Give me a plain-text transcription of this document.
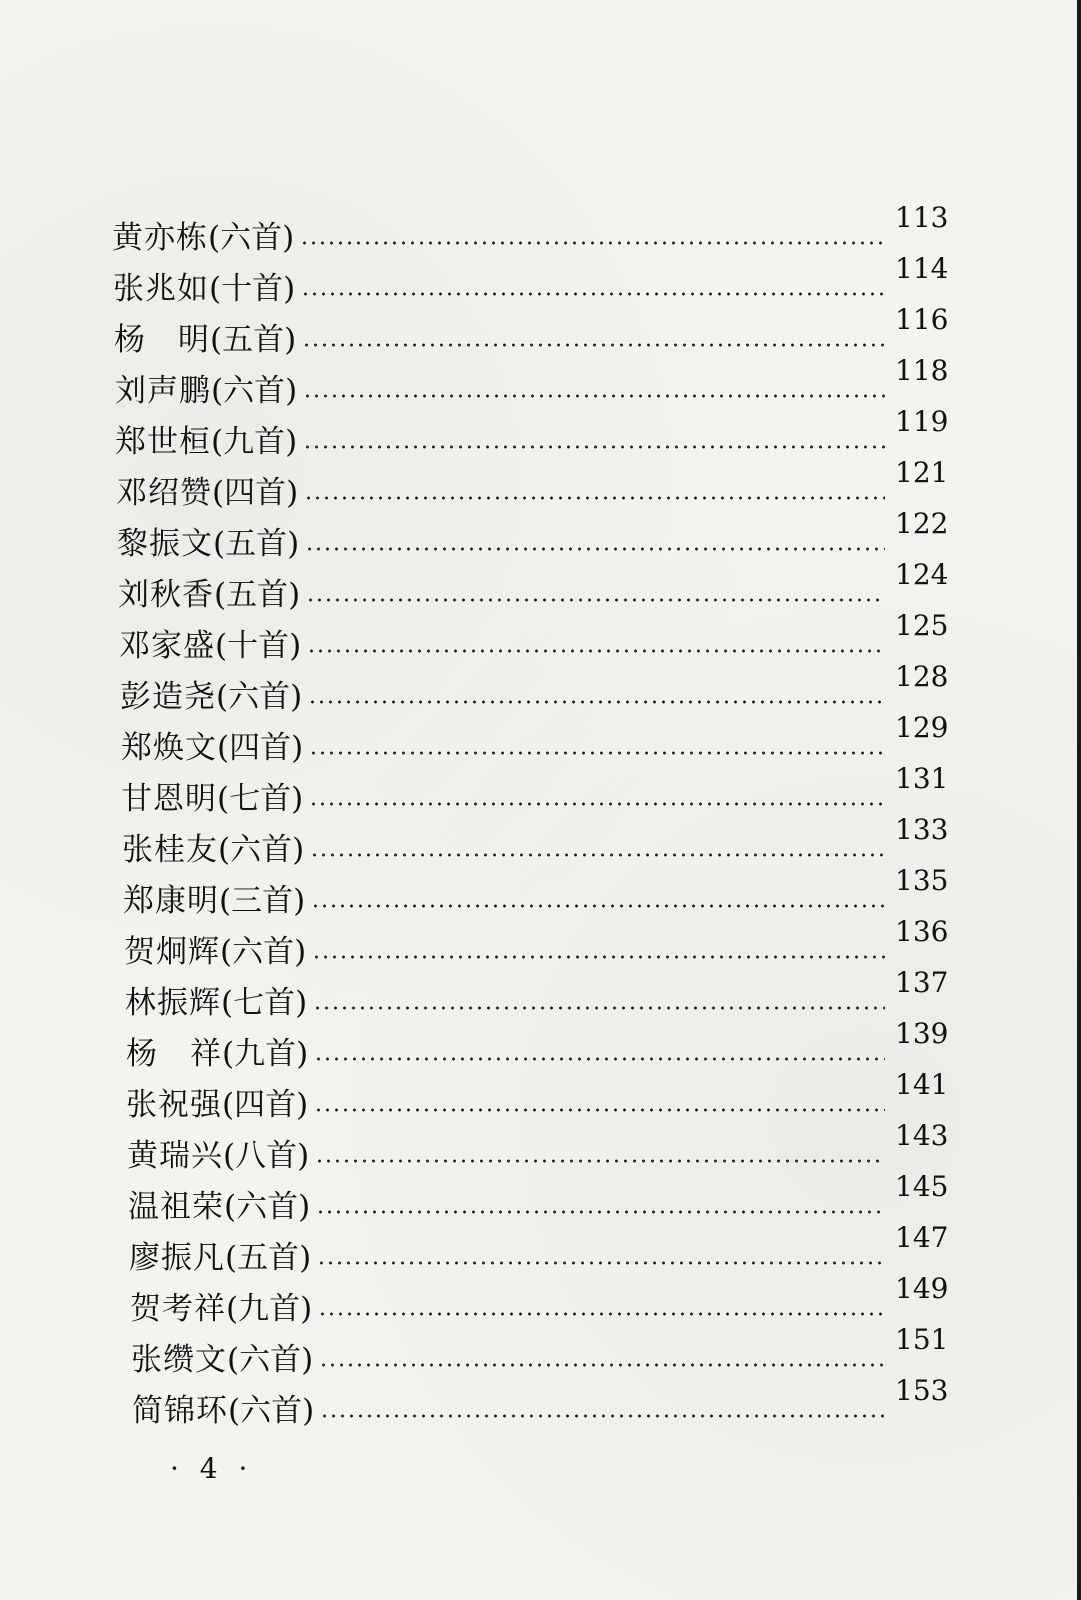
黄亦栋 (六首)
113
张兆如 (十首)
114
杨　明 (五首)
116
刘声鹏 (六首)
118
郑世桓 (九首)
119
邓绍赞 (四首)
121
黎振文 (五首)
122
刘秋香 (五首)
124
邓家盛 (十首)
125
彭造尧 (六首)
128
郑焕文 (四首)
129
甘恩明 (七首)
131
张桂友 (六首)
133
郑康明 (三首)
135
贺炯辉 (六首)
136
林振辉 (七首)
137
杨　祥 (九首)
139
张祝强 (四首)
141
黄瑞兴 (八首)
143
温祖荣 (六首)
145
廖振凡 (五首)
147
贺考祥 (九首)
149
张缵文 (六首)
151
简锦环 (六首)
153
· 4 ·
